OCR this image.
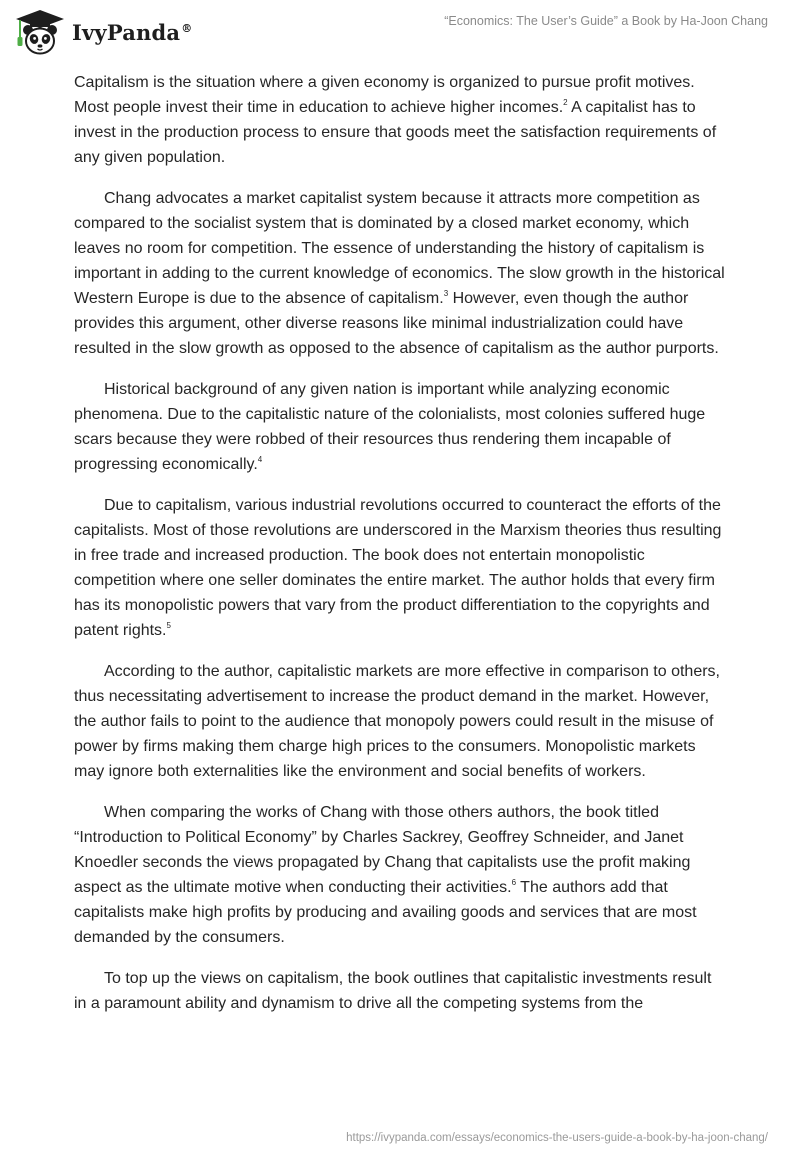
IvyPanda®	“Economics: The User’s Guide” a Book by Ha-Joon Chang

Capitalism is the situation where a given economy is organized to pursue profit motives. Most people invest their time in education to achieve higher incomes.$^2$ A capitalist has to invest in the production process to ensure that goods meet the satisfaction requirements of any given population.

Chang advocates a market capitalist system because it attracts more competition as compared to the socialist system that is dominated by a closed market economy, which leaves no room for competition. The essence of understanding the history of capitalism is important in adding to the current knowledge of economics. The slow growth in the historical Western Europe is due to the absence of capitalism.$^3$ However, even though the author provides this argument, other diverse reasons like minimal industrialization could have resulted in the slow growth as opposed to the absence of capitalism as the author purports.

Historical background of any given nation is important while analyzing economic phenomena. Due to the capitalistic nature of the colonialists, most colonies suffered huge scars because they were robbed of their resources thus rendering them incapable of progressing economically.$^4$

Due to capitalism, various industrial revolutions occurred to counteract the efforts of the capitalists. Most of those revolutions are underscored in the Marxism theories thus resulting in free trade and increased production. The book does not entertain monopolistic competition where one seller dominates the entire market. The author holds that every firm has its monopolistic powers that vary from the product differentiation to the copyrights and patent rights.$^5$

According to the author, capitalistic markets are more effective in comparison to others, thus necessitating advertisement to increase the product demand in the market. However, the author fails to point to the audience that monopoly powers could result in the misuse of power by firms making them charge high prices to the consumers. Monopolistic markets may ignore both externalities like the environment and social benefits of workers.

When comparing the works of Chang with those others authors, the book titled “Introduction to Political Economy” by Charles Sackrey, Geoffrey Schneider, and Janet Knoedler seconds the views propagated by Chang that capitalists use the profit making aspect as the ultimate motive when conducting their activities.$^6$ The authors add that capitalists make high profits by producing and availing goods and services that are most demanded by the consumers.

To top up the views on capitalism, the book outlines that capitalistic investments result in a paramount ability and dynamism to drive all the competing systems from the

https://ivypanda.com/essays/economics-the-users-guide-a-book-by-ha-joon-chang/
